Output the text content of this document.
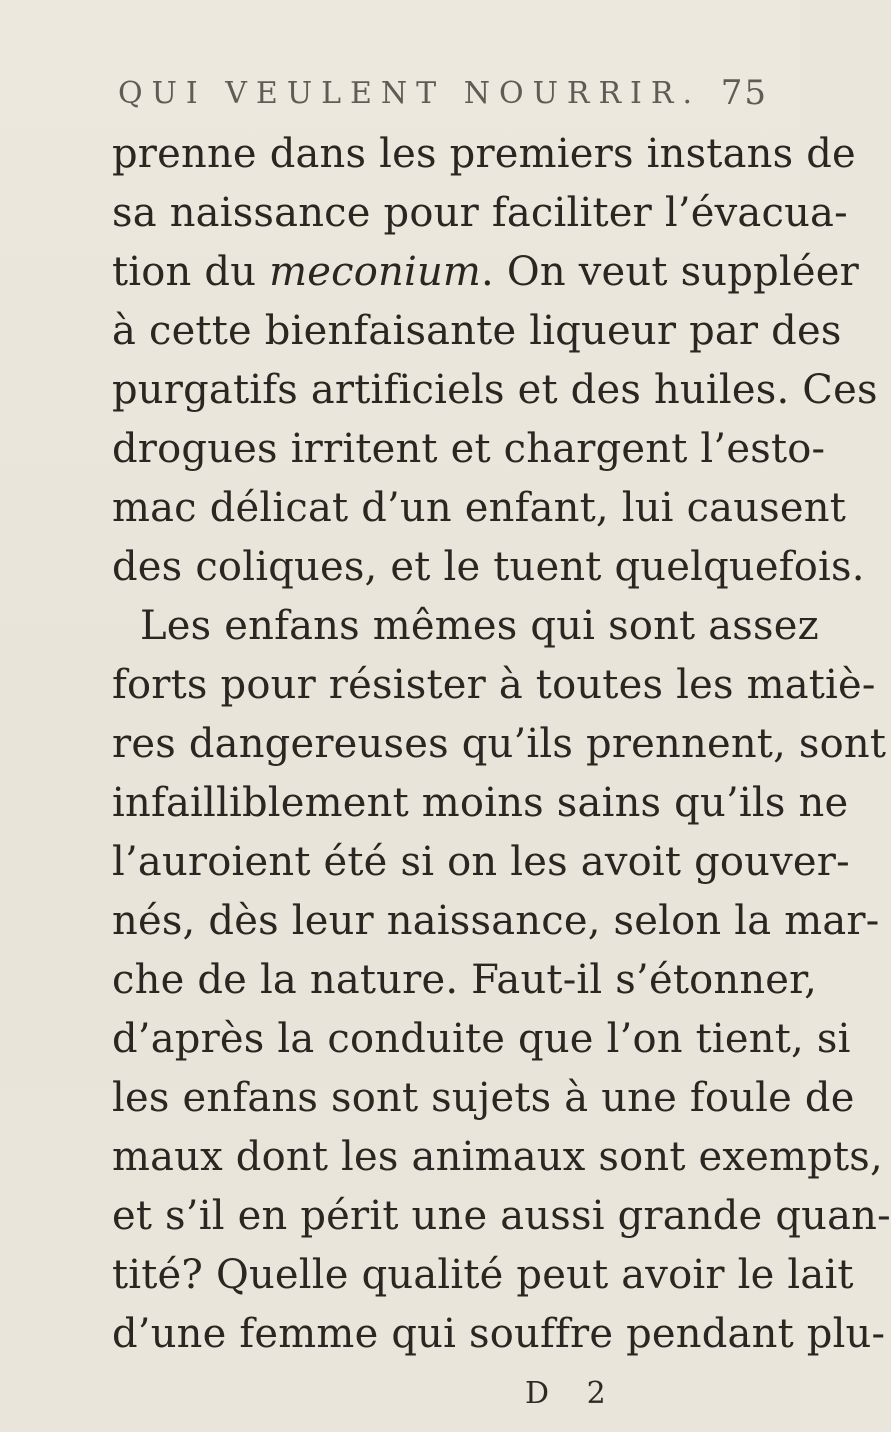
QUI VEULENT NOURRIR. 75
prenne dans les premiers instans de
sa naissance pour faciliter l’évacua-
tion du meconium. On veut suppléer
à cette bienfaisante liqueur par des
purgatifs artificiels et des huiles. Ces
drogues irritent et chargent l’esto-
mac délicat d’un enfant, lui causent
des coliques, et le tuent quelquefois.
Les enfans mêmes qui sont assez
forts pour résister à toutes les matiè-
res dangereuses qu’ils prennent, sont
infailliblement moins sains qu’ils ne
l’auroient été si on les avoit gouver-
nés, dès leur naissance, selon la mar-
che de la nature. Faut-il s’étonner,
d’après la conduite que l’on tient, si
les enfans sont sujets à une foule de
maux dont les animaux sont exempts,
et s’il en périt une aussi grande quan-
tité? Quelle qualité peut avoir le lait
d’une femme qui souffre pendant plu-
D 2
